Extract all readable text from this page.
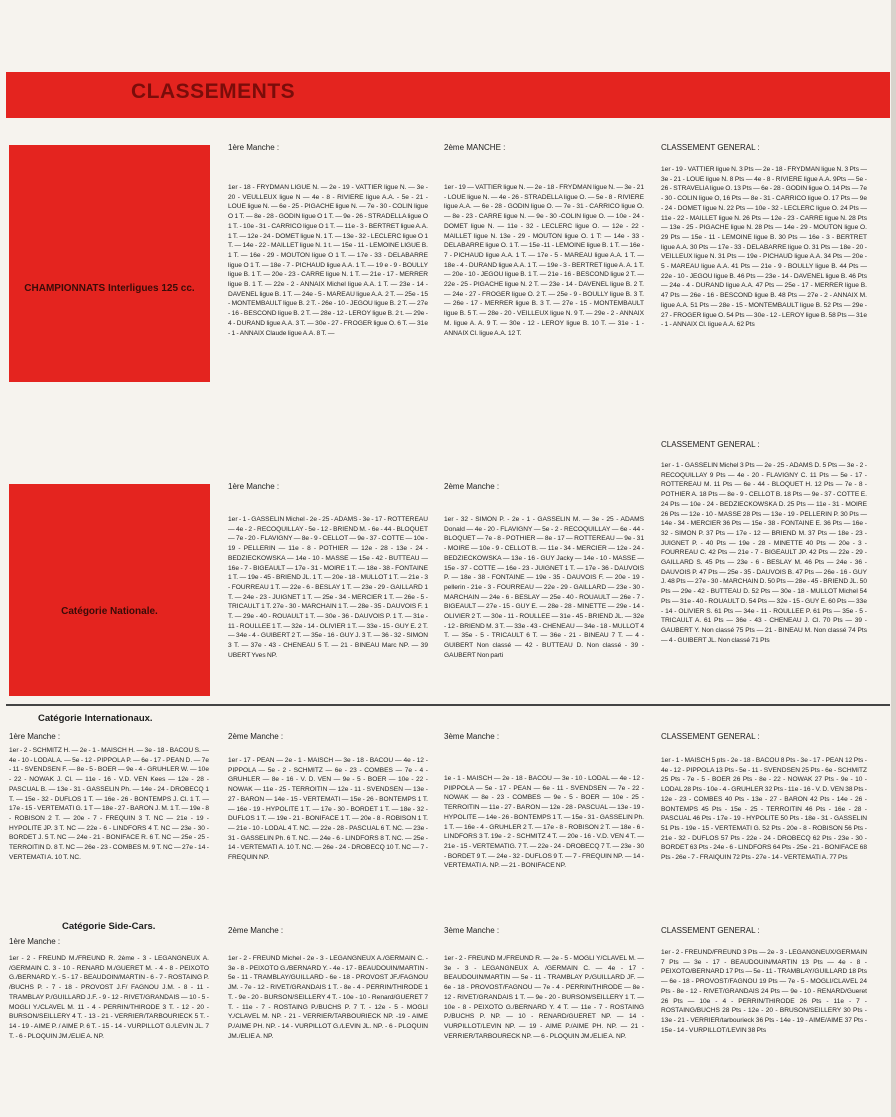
CLASSEMENTS
CHAMPIONNATS Interligues 125 cc.
1ère Manche :
1er - 18 - FRYDMAN LIGUE N. — 2e - 19 - VATTIER ligue N. — 3e - 20 - VEULLEUX ligue N — 4e - 8 - RIVIERE ligue A.A. - 5e - 21 - LOUE ligue N. — 6e - 25 - PIGACHE ligue N. — 7e - 30 - COLIN ligue O 1 T. — 8e - 28 - GODIN ligue O 1 T. — 9e - 26 - STRADELLA ligue O 1 T. - 10e - 31 - CARRICO ligue O 1 T. — 11e - 3 - BERTRET ligue A.A. 1 T. — 12e - 24 - DOMET ligue N. 1 T. — 13e - 32 - LECLERC ligue O 1 T. — 14e - 22 - MAILLET ligue N. 1 t. — 15e - 11 - LEMOINE LIGUE B. 1 T. — 16e - 29 - MOUTON ligue O 1 T. — 17e - 33 - DELABARRE ligue O 1 T. — 18e - 7 - PICHAUD ligue A.A. 1 T. — 19 e - 9 - BOULLY ligue B. 1 T. — 20e - 23 - CARRE ligue N. 1 T. — 21e - 17 - MERRER ligue B. 1 T. — 22e - 2 - ANNAIX Michel ligue A.A. 1 T. — 23e - 14 - DAVENEL ligue B. 1 T. — 24e - 5 - MAREAU ligue A.A. 2 T. — 25e - 15 - MONTEMBAULT ligue B. 2 T. - 26e - 10 - JEGOU ligue B. 2 T. — 27e - 16 - BESCOND ligue B. 2 T. — 28e - 12 - LEROY ligue B. 2 t. — 29e - 4 - DURAND ligue A.A. 3 T. — 30e - 27 - FROGER ligue O. 6 T. — 31e - 1 - ANNAIX Claude ligue A.A. 8 T. —
2ème MANCHE :
1er - 19 — VATTIER ligue N. — 2e - 18 - FRYDMAN ligue N. — 3e - 21 - LOUE ligue N. — 4e - 26 - STRADELLA ligue O. — 5e - 8 - RIVIERE ligue A.A. — 6e - 28 - GODIN ligue O. — 7e - 31 - CARRICO ligue O. — 8e - 23 - CARRE ligue N. — 9e - 30 -COLIN ligue O. — 10e - 24 - DOMET ligue N. — 11e - 32 - LECLERC ligue O. — 12e - 22 - MAILLET ligue N. 13e - 29 - MOUTON ligue O. 1 T: — 14e - 33 - DELABARRE ligue O. 1 T. — 15e -11 - LEMOINE ligue B. 1 T. — 16e - 7 - PICHAUD ligue A.A. 1 T. — 17e - 5 - MAREAU ligue A.A. 1 T. — 18e - 4 - DURAND ligue A.A. 1 T. — 19e - 3 - BERTRET ligue A. A. 1 T. — 20e - 10 - JEGOU ligue B. 1 T. — 21e - 16 - BESCOND ligue 2 T. — 22e - 25 - PIGACHE ligue N. 2 T. — 23e - 14 - DAVENEL ligue B. 2 T. — 24e - 27 - FROGER ligue O. 2 T. — 25e - 9 - BOULLY ligue B. 3 T. — 26e - 17 - MERRER ligue B. 3 T. — 27e - 15 - MONTEMBAULT ligue B. 5 T. — 28e - 20 - VEILLEUX ligue N. 9 T. — 29e - 2 - ANNAIX M. ligue A. A. 9 T. — 30e - 12 - LEROY ligue B. 10 T. — 31e - 1 - ANNAIX Cl. ligue A.A. 12 T.
CLASSEMENT GENERAL :
1er - 19 - VATTIER ligue N. 3 Pts — 2e - 18 - FRYDMAN ligue N. 3 Pts — 3e - 21 - LOUE ligue N. 8 Pts — 4e - 8 - RIVIERE ligue A.A. 9Pts — 5e - 26 - STRAVELIA ligue O. 13 Pts — 6e - 28 - GODIN ligue O. 14 Pts — 7e - 30 - COLIN ligue O, 16 Pts — 8e - 31 - CARRICO ligue O. 17 Pts — 9e - 24 - DOMET ligue N. 22 Pts — 10e - 32 - LECLERC ligue O. 24 Pts — 11e - 22 - MAILLET ligue N. 26 Pts — 12e - 23 - CARRE ligue N. 28 Pts — 13e - 25 - PIGACHE ligue N. 28 Pts — 14e - 29 - MOUTON ligue O. 29 Pts — 15e - 11 - LEMOINE ligue B. 30 Pts — 16e - 3 - BERTRET ligue A.A. 30 Pts — 17e - 33 - DELABARRE ligue O. 31 Pts — 18e - 20 - VEILLEUX ligue N. 31 Pts — 19e - PICHAUD ligue A.A. 34 Pts — 20e - 5 - MAREAU ligue A.A. 41 Pts — 21e - 9 - BOULLY ligue B. 44 Pts — 22e - 10 - JEGOU ligue B. 46 Pts — 23e - 14 - DAVENEL ligue B. 46 Pts — 24e - 4 - DURAND ligue A.A. 47 Pts — 25e - 17 - MERRER ligue B. 47 Pts — 26e - 16 - BESCOND ligue B. 48 Pts — 27e - 2 - ANNAIX M. ligue A.A. 51 Pts — 28e - 15 - MONTEMBAULT ligue B. 52 Pts — 29e - 27 - FROGER ligue O. 54 Pts — 30e - 12 - LEROY ligue B. 58 Pts — 31e - 1 - ANNAIX Cl. ligue A.A. 62 Pts
Catégorie Nationale.
1ère Manche :
1er - 1 - GASSELIN Michel - 2e - 25 - ADAMS - 3e - 17 - ROTTEREAU — 4e - 2 - RECOQUILLAY - 5e - 12 - BRIEND M. - 6e - 44 - BLOQUET — 7e - 20 - FLAVIGNY — 8e - 9 - CELLOT — 9e - 37 - COTTE — 10e - 19 - PELLERIN — 11e - 8 - POTHIER — 12e - 28 - 13e - 24 - BEDZIECKOWSKA — 14e - 10 - MASSE — 15e - 42 - BUTTEAU — 16e - 7 - BIGEAULT — 17e - 31 - MOIRE 1 T. — 18e - 38 - FONTAINE 1 T. — 19e - 45 - BRIEND JL. 1 T. — 20e - 18 - MULLOT 1 T. — 21e - 3 - FOURREAU 1 T. — 22e - 6 - BESLAY 1 T. — 23e - 29 - GAILLARD 1 T. — 24e - 23 - JUIGNET 1 T. — 25e - 34 - MERCIER 1 T. — 26e - 5 - TRICAULT 1 T. 27e - 30 - MARCHAIN 1 T. — 28e - 35 - DAUVOIS F. 1 T. — 29e - 40 - ROUAULT 1 T. — 30e - 36 - DAUVOIS P. 1 T. — 31e - 11 - ROULLEE 1 T. — 32e - 14 - OLIVIER 1 T. — 33e - 15 - GUY E. 2 T. — 34e - 4 - GUIBERT 2 T. — 35e - 16 - GUY J. 3 T. — 36 - 32 - SIMON 3 T. — 37e - 43 - CHENEAU 5 T. — 21 - BINEAU Marc NP. — 39 UBERT Yves NP.
2ème Manche :
1er - 32 - SIMON P. - 2e - 1 - GASSELIN M. — 3e - 25 - ADAMS Donald — 4e - 20 - FLAVIGNY — 5e - 2 - RECOQUILLAY — 6e - 44 - BLOQUET — 7e - 8 - POTHIER — 8e - 17 — ROTTEREAU — 9e - 31 - MOIRE — 10e - 9 - CELLOT B. — 11e - 34 - MERCIER — 12e - 24 - BEDZIECKOWSKA — 13e - 16 - GUY Jacky — 14e - 10 - MASSE — 15e - 37 - COTTE — 16e - 23 - JUIGNET 1 T. — 17e - 36 - DAUVOIS P. — 18e - 38 - FONTAINE — 19e - 35 - DAUVOIS F. — 20e - 19 - pellerin - 21e - 3 - FOURREAU — 22e - 29 - GAILLARD — 23e - 30 - MARCHAIN — 24e - 6 - BESLAY — 25e - 40 - ROUAULT — 26e - 7 - BIGEAULT — 27e - 15 - GUY E. — 28e - 28 - MINETTE — 29e - 14 - OLIVIER 2 T. — 30e - 11 - ROULLEE — 31e - 45 - BRIEND JL. — 32e - 12 - BRIEND M. 3 T. — 33e - 43 - CHENEAU — 34e - 18 - MULLOT 4 T. — 35e - 5 - TRICAULT 6 T. — 36e - 21 - BINEAU 7 T. — 4 - GUIBERT Non classé — 42 - BUTTEAU D. Non classé - 39 - GAUBERT Non parti
CLASSEMENT GENERAL :
1er - 1 - GASSELIN Michel 3 Pts — 2e - 25 - ADAMS D. 5 Pts — 3e - 2 - RECOQUILLAY 9 Pts — 4e - 20 - FLAVIGNY C. 11 Pts — 5e - 17 - ROTTEREAU M. 11 Pts — 6e - 44 - BLOQUET H. 12 Pts — 7e - 8 - POTHIER A. 18 Pts — 8e - 9 - CELLOT B. 18 Pts — 9e - 37 - COTTE E. 24 Pts — 10e - 24 - BEDZIECKOWSKA D. 25 Pts — 11e - 31 - MOIRE 26 Pts — 12e - 10 - MASSE 28 Pts — 13e - 19 - PELLERIN P. 30 Pts — 14e - 34 - MERCIER 36 Pts — 15e - 38 - FONTAINE E. 36 Pts — 16e - 32 - SIMON P. 37 Pts — 17e - 12 — BRIEND M. 37 Pts — 18e - 23 - JUIGNET P. - 40 Pts — 19e - 28 - MINETTE 40 Pts — 20e - 3 - FOURREAU C. 42 Pts — 21e - 7 - BIGEAULT JP. 42 Pts — 22e - 29 - GAILLARD S. 45 Pts — 23e - 6 - BESLAY M. 46 Pts — 24e - 36 - DAUVOIS P. 47 Pts — 25e - 35 - DAUVOIS B. 47 Pts — 26e - 16 - GUY J. 48 Pts — 27e - 30 - MARCHAIN D. 50 Pts — 28e - 45 - BRIEND JL. 50 Pts — 29e - 42 - BUTTEAU D. 52 Pts — 30e - 18 - MULLOT Michel 54 Pts — 31e - 40 - ROUAULT D. 54 Pts — 32e - 15 - GUY E. 60 Pts — 33e - 14 - OLIVIER S. 61 Pts — 34e - 11 - ROULLEE P. 61 Pts — 35e - 5 - TRICAULT A. 61 Pts — 36e - 43 - CHENEAU J. Cl. 70 Pts — 39 - GAUBERT Y. Non classé 75 Pts — 21 - BINEAU M. Non classé 74 Pts — 4 - GUIBERT JL. Non classé 71 Pts
Catégorie Internationaux.
1ère Manche :
1er - 2 - SCHMITZ H. — 2e - 1 - MAISCH H. — 3e - 18 - BACOU S. — 4e - 10 - LODAL A. — 5e - 12 - PIPPOLA P. — 6e - 17 - PEAN D. — 7e - 11 - SVENDSEN F. — 8e - 5 - BOER — 9e - 4 - GRUHLER W. — 10e - 22 - NOWAK J. Cl. — 11e - 16 - V.D. VEN Kees — 12e - 28 - PASCUAL B. — 13e - 31 - GASSELIN Ph. — 14e - 24 - DROBECQ 1 T. — 15e - 32 - DUFLOS 1 T. — 16e - 26 - BONTEMPS J. Cl. 1 T. — 17e - 15 - VERTEMATI G. 1 T — 18e - 27 - BARON J. M. 1 T. — 19e - 8 - ROBISON 2 T. — 20e - 7 - FREQUIN 3 T. NC — 21e - 19 - HYPOLITE JP. 3 T. NC — 22e - 6 - LINDFORS 4 T. NC — 23e - 30 - BORDET J. 5 T. NC — 24e - 21 - BONIFACE R. 6 T. NC — 25e - 25 - TERROITIN D. 8 T. NC — 26e - 23 - COMBES M. 9 T. NC — 27e - 14 - VERTEMATI A. 10 T. NC.
2ème Manche :
1er - 17 - PEAN — 2e - 1 - MAISCH — 3e - 18 - BACOU — 4e - 12 - PIPPOLA — 5e - 2 - SCHMITZ — 6e - 23 - COMBES — 7e - 4 - GRUHLER — 8e - 16 - V. D. VEN — 9e - 5 - BOER — 10e - 22 - NOWAK — 11e - 25 - TERROITIN — 12e - 11 - SVENDSEN — 13e - 27 - BARON — 14e - 15 - VERTEMATI — 15e - 26 - BONTEMPS 1 T. — 16e - 19 - HYPOLITE 1 T. — 17e - 30 - BORDET 1 T. — 18e - 32 - DUFLOS 1 T. — 19e - 21 - BONIFACE 1 T. — 20e - 8 - ROBISON 1 T. — 21e - 10 - LODAL 4 T. NC. — 22e - 28 - PASCUAL 6 T. NC. — 23e - 31 - GASSELIN Ph. 6 T. NC. — 24e - 6 - LINDFORS 8 T. NC. — 25e - 14 - VERTEMATI A. 10 T. NC. — 26e - 24 - DROBECQ 10 T. NC — 7 - FREQUIN NP.
3ème Manche :
1e - 1 - MAISCH — 2e - 18 - BACOU — 3e - 10 - LODAL — 4e - 12 - PIIPPOLA — 5e - 17 - PEAN — 6e - 11 - SVENDSEN — 7e - 22 - NOWAK — 8e - 23 - COMBES — 9e - 5 - BOER — 10e - 25 - TERROITIN — 11e - 27 - BARON — 12e - 28 - PASCUAL — 13e - 19 - HYPOLITE — 14e - 26 - BONTEMPS 1 T. — 15e - 31 - GASSELIN Ph. 1 T. — 16e - 4 - GRUHLER 2 T. — 17e - 8 - ROBISON 2 T. — 18e - 6 - LINDFORS 3 T. 19e - 2 - SCHMITZ 4 T. — 20e - 16 - V.D. VEN 4 T. — 21e - 15 - VERTEMATIG. 7 T. — 22e - 24 - DROBECQ 7 T. — 23e - 30 - BORDET 9 T. — 24e - 32 - DUFLOS 9 T. — 7 - FREQUIN NP. — 14 - VERTEMATI A. NP. — 21 - BONIFACE NP.
CLASSEMENT GENERAL :
1er - 1 - MAISCH 5 pts - 2e - 18 - BACOU 8 Pts - 3e - 17 - PEAN 12 Pts - 4e - 12 - PIPPOLA 13 Pts - 5e - 11 - SVENDSEN 25 Pts - 6e - SCHMITZ 25 Pts - 7e - 5 - BOER 26 Pts - 8e - 22 - NOWAK 27 Pts - 9e - 10 - LODAL 28 Pts - 10e - 4 - GRUHLER 32 Pts - 11e - 16 - V. D. VEN 38 Pts - 12e - 23 - COMBES 40 Pts - 13e - 27 - BARON 42 Pts - 14e - 26 - BONTEMPS 45 Pts - 15e - 25 - TERROITIN 46 Pts - 16e - 28 - PASCUAL 46 Pts - 17e - 19 - HYPOLITE 50 Pts - 18e - 31 - GASSELIN 51 Pts - 19e - 15 - VERTEMATI G. 52 Pts - 20e - 8 - ROBISON 56 Pts - 21e - 32 - DUFLOS 57 Pts - 22e - 24 - DROBECQ 62 Pts - 23e - 30 - BORDET 63 Pts - 24e - 6 - LINDFORS 64 Pts - 25e - 21 - BONIFACE 68 Pts - 26e - 7 - FRAIQUIN 72 Pts - 27e - 14 - VERTEMATI A. 77 Pts
Catégorie Side-Cars.
1ère Manche :
1er - 2 - FREUND M./FREUND R. 2ème - 3 - LEGANGNEUX A. /GERMAIN C. 3 - 10 - RENARD M./GUERET M. - 4 - 8 - PEIXOTO G./BERNARD Y. - 5 - 17 - BEAUDOIN/MARTIN - 6 - 7 - ROSTAING P. /BUCHS P. - 7 - 18 - PROVOST J.F/ FAGNOU J.M. - 8 - 11 - TRAMBLAY P./GUILLARD J.F. - 9 - 12 - RIVET/GRANDAIS — 10 - 5 - MOGLI Y./CLAVEL M. 11 - 4 - PERRIN/THIRODE 3 T. - 12 - 20 - BURSON/SEILLERY 4 T. - 13 - 21 - VERRIER/TARBOURIECK 5 T. - 14 - 19 - AIME P. / AIME P. 6 T. - 15 - 14 - VURPILLOT G./LEVIN JL. 7 T. - 6 - PLOQUIN JM./ELIE A. NP.
2ème Manche :
1er - 2 - FREUND Michel - 2e - 3 - LEGANGNEUX A./GERMAIN C. - 3e - 8 - PEIXOTO G./BERNARD Y. - 4e - 17 - BEAUDOUIN/MARTIN - 5e - 11 - TRAMBLAY/GUILLARD - 6e - 18 - PROVOST JF./FAGNOU JM. - 7e - 12 - RIVET/GRANDAIS 1 T. - 8e - 4 - PERRIN/THIRODE 1 T. - 9e - 20 - BURSON/SEILLERY 4 T. - 10e - 10 - Renard/GUERET 7 T. - 11e - 7 - ROSTAING P./BUCHS P. 7 T. - 12e - 5 - MOGLI Y./CLAVEL M. NP. - 21 - VERRIER/TARBOURIECK NP. -19 - AIME P./AIME PH. NP. - 14 - VURPILLOT G./LEVIN JL. NP. - 6 - PLOQUIN JM./ELIE A. NP.
3ème Manche :
1er - 2 - FREUND M./FREUND R. — 2e - 5 - MOGLI Y/CLAVEL M. — 3e - 3 - LEGANGNEUX A. /GERMAIN C. — 4e - 17 - BEAUDOUIN/MARTIN — 5e - 11 - TRAMBLAY P./GUILLARD JF. — 6e - 18 - PROVOST/FAGNOU — 7e - 4 - PERRIN/THIRODE — 8e - 12 - RIVET/GRANDAIS 1 T. — 9e - 20 - BURSON/SEILLERY 1 T. — 10e - 8 - PEIXOTO G./BERNARD Y. 4 T. — 11e - 7 - ROSTAING P./BUCHS P. NP. — 10 - RENARD/GUERET NP. — 14 - VURPILLOT/LEVIN NP. — 19 - AIME P./AIME PH. NP. — 21 - VERRIER/TARBOURECK NP. — 6 - PLOQUIN JM./ELIE A. NP.
CLASSEMENT GENERAL :
1er - 2 - FREUND/FREUND 3 Pts — 2e - 3 - LEGANGNEUX/GERMAIN 7 Pts — 3e - 17 - BEAUDOUIN/MARTIN 13 Pts — 4e - 8 - PEIXOTO/BERNARD 17 Pts — 5e - 11 - TRAMBLAY/GUILLARD 18 Pts — 6e - 18 - PROVOST/FAGNOU 19 Pts — 7e - 5 - MOGLI/CLAVEL 24 Pts - 8e - 12 - RIVET/GRANDAIS 24 Pts — 9e - 10 - RENARD/Gueret 26 Pts — 10e - 4 - PERRIN/THIRODE 26 Pts - 11e - 7 - ROSTAING/BUCHS 28 Pts - 12e - 20 - BRUSON/SEILLERY 30 Pts - 13e - 21 - VERRIER/tarbourieck 36 Pts - 14e - 19 - AIME/AIME 37 Pts - 15e - 14 - VURPILLOT/LEVIN 38 Pts
